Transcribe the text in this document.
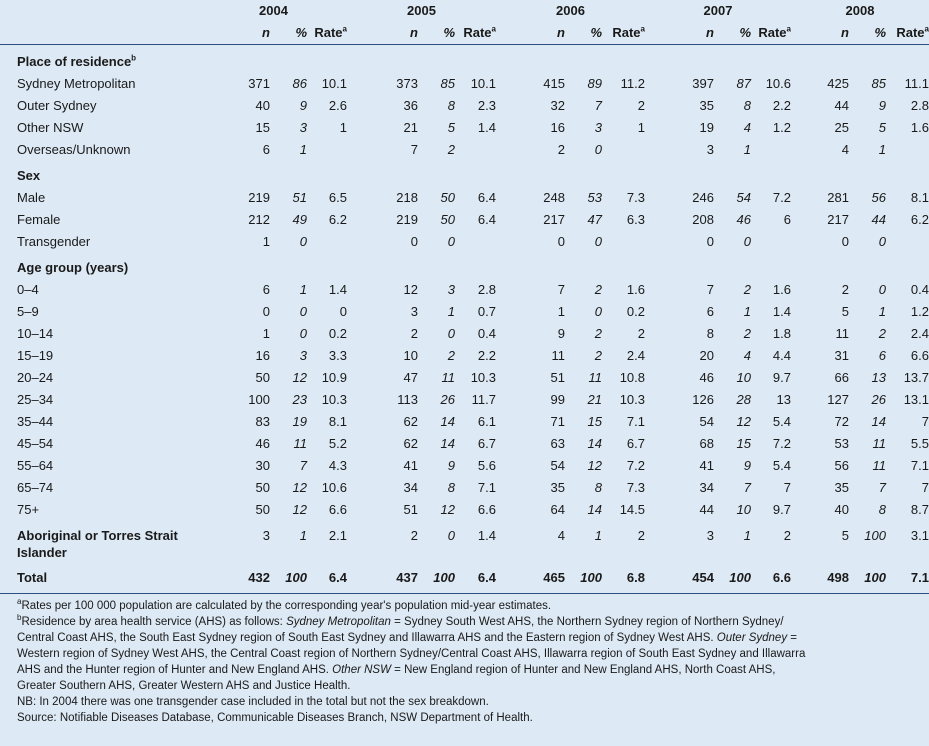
	2004			2005			2006			2007			2008		
	n	%	Rate$^a$	n	%	Rate$^a$	n	%	Rate$^a$	n	%	Rate$^a$	n	%	Rate$^a$

Place of residence$^b$
Sydney Metropolitan	371	86	10.1	373	85	10.1	415	89	11.2	397	87	10.6	425	85	11.1
Outer Sydney	40	9	2.6	36	8	2.3	32	7	2	35	8	2.2	44	9	2.8
Other NSW	15	3	1	21	5	1.4	16	3	1	19	4	1.2	25	5	1.6
Overseas/Unknown	6	1		7	2		2	0		3	1		4	1	

Sex															
Male	219	51	6.5	218	50	6.4	248	53	7.3	246	54	7.2	281	56	8.1
Female	212	49	6.2	219	50	6.4	217	47	6.3	208	46	6	217	44	6.2
Transgender	1	0		0	0		0	0		0	0		0	0	

Age group (years)															
0–4	6	1	1.4	12	3	2.8	7	2	1.6	7	2	1.6	2	0	0.4
5–9	0	0	0	3	1	0.7	1	0	0.2	6	1	1.4	5	1	1.2
10–14	1	0	0.2	2	0	0.4	9	2	2	8	2	1.8	11	2	2.4
15–19	16	3	3.3	10	2	2.2	11	2	2.4	20	4	4.4	31	6	6.6
20–24	50	12	10.9	47	11	10.3	51	11	10.8	46	10	9.7	66	13	13.7
25–34	100	23	10.3	113	26	11.7	99	21	10.3	126	28	13	127	26	13.1
35–44	83	19	8.1	62	14	6.1	71	15	7.1	54	12	5.4	72	14	7
45–54	46	11	5.2	62	14	6.7	63	14	6.7	68	15	7.2	53	11	5.5
55–64	30	7	4.3	41	9	5.6	54	12	7.2	41	9	5.4	56	11	7.1
65–74	50	12	10.6	34	8	7.1	35	8	7.3	34	7	7	35	7	7
75+	50	12	6.6	51	12	6.6	64	14	14.5	44	10	9.7	40	8	8.7

Aboriginal or Torres Strait
Islander	3	1	2.1	2	0	1.4	4	1	2	3	1	2	5	100	3.1

Total	432	100	6.4	437	100	6.4	465	100	6.8	454	100	6.6	498	100	7.1

$^a$Rates per 100 000 population are calculated by the corresponding year's population mid-year estimates.

$^b$Residence by area health service (AHS) as follows: Sydney Metropolitan = Sydney South West AHS, the Northern Sydney region of Northern Sydney/ Central Coast AHS, the South East Sydney region of South East Sydney and Illawarra AHS and the Eastern region of Sydney West AHS. Outer Sydney = Western region of Sydney West AHS, the Central Coast region of Northern Sydney/Central Coast AHS, Illawarra region of South East Sydney and Illawarra AHS and the Hunter region of Hunter and New England AHS. Other NSW = New England region of Hunter and New England AHS, North Coast AHS, Greater Southern AHS, Greater Western AHS and Justice Health.

NB: In 2004 there was one transgender case included in the total but not the sex breakdown.

Source: Notifiable Diseases Database, Communicable Diseases Branch, NSW Department of Health.
